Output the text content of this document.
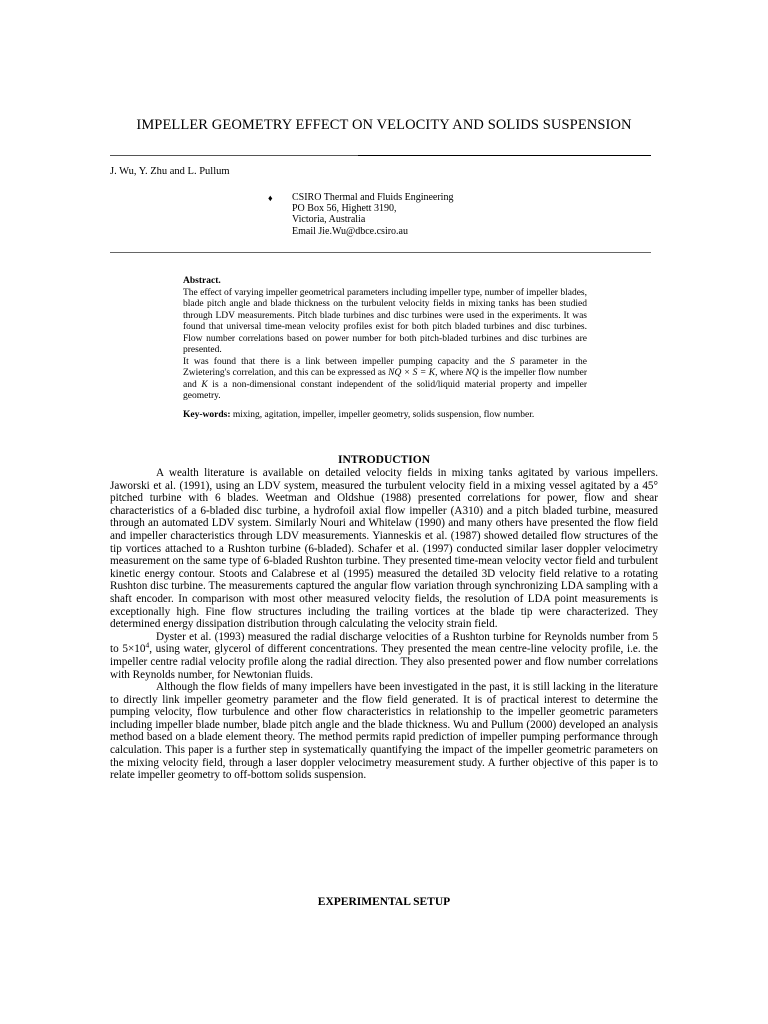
IMPELLER GEOMETRY EFFECT ON VELOCITY AND SOLIDS SUSPENSION
J. Wu, Y. Zhu and L. Pullum
♦ CSIRO Thermal and Fluids Engineering
PO Box 56, Highett 3190,
Victoria, Australia
Email Jie.Wu@dbce.csiro.au
Abstract.

The effect of varying impeller geometrical parameters including impeller type, number of impeller blades, blade pitch angle and blade thickness on the turbulent velocity fields in mixing tanks has been studied through LDV measurements. Pitch blade turbines and disc turbines were used in the experiments. It was found that universal time-mean velocity profiles exist for both pitch bladed turbines and disc turbines. Flow number correlations based on power number for both pitch-bladed turbines and disc turbines are presented.

It was found that there is a link between impeller pumping capacity and the S parameter in the Zwietering's correlation, and this can be expressed as NQ × S = K, where NQ is the impeller flow number and K is a non-dimensional constant independent of the solid/liquid material property and impeller geometry.

Key-words: mixing, agitation, impeller, impeller geometry, solids suspension, flow number.
INTRODUCTION

A wealth literature is available on detailed velocity fields in mixing tanks agitated by various impellers. Jaworski et al. (1991), using an LDV system, measured the turbulent velocity field in a mixing vessel agitated by a 45° pitched turbine with 6 blades. Weetman and Oldshue (1988) presented correlations for power, flow and shear characteristics of a 6-bladed disc turbine, a hydrofoil axial flow impeller (A310) and a pitch bladed turbine, measured through an automated LDV system. Similarly Nouri and Whitelaw (1990) and many others have presented the flow field and impeller characteristics through LDV measurements. Yianneskis et al. (1987) showed detailed flow structures of the tip vortices attached to a Rushton turbine (6-bladed). Schafer et al. (1997) conducted similar laser doppler velocimetry measurement on the same type of 6-bladed Rushton turbine. They presented time-mean velocity vector field and turbulent kinetic energy contour. Stoots and Calabrese et al (1995) measured the detailed 3D velocity field relative to a rotating Rushton disc turbine. The measurements captured the angular flow variation through synchronizing LDA sampling with a shaft encoder. In comparison with most other measured velocity fields, the resolution of LDA point measurements is exceptionally high. Fine flow structures including the trailing vortices at the blade tip were characterized. They determined energy dissipation distribution through calculating the velocity strain field.

Dyster et al. (1993) measured the radial discharge velocities of a Rushton turbine for Reynolds number from 5 to $5\times 10^4$, using water, glycerol of different concentrations. They presented the mean centre-line velocity profile, i.e. the impeller centre radial velocity profile along the radial direction. They also presented power and flow number correlations with Reynolds number, for Newtonian fluids.

Although the flow fields of many impellers have been investigated in the past, it is still lacking in the literature to directly link impeller geometry parameter and the flow field generated. It is of practical interest to determine the pumping velocity, flow turbulence and other flow characteristics in relationship to the impeller geometric parameters including impeller blade number, blade pitch angle and the blade thickness. Wu and Pullum (2000) developed an analysis method based on a blade element theory. The method permits rapid prediction of impeller pumping performance through calculation. This paper is a further step in systematically quantifying the impact of the impeller geometric parameters on the mixing velocity field, through a laser doppler velocimetry measurement study. A further objective of this paper is to relate impeller geometry to off-bottom solids suspension.

EXPERIMENTAL SETUP
